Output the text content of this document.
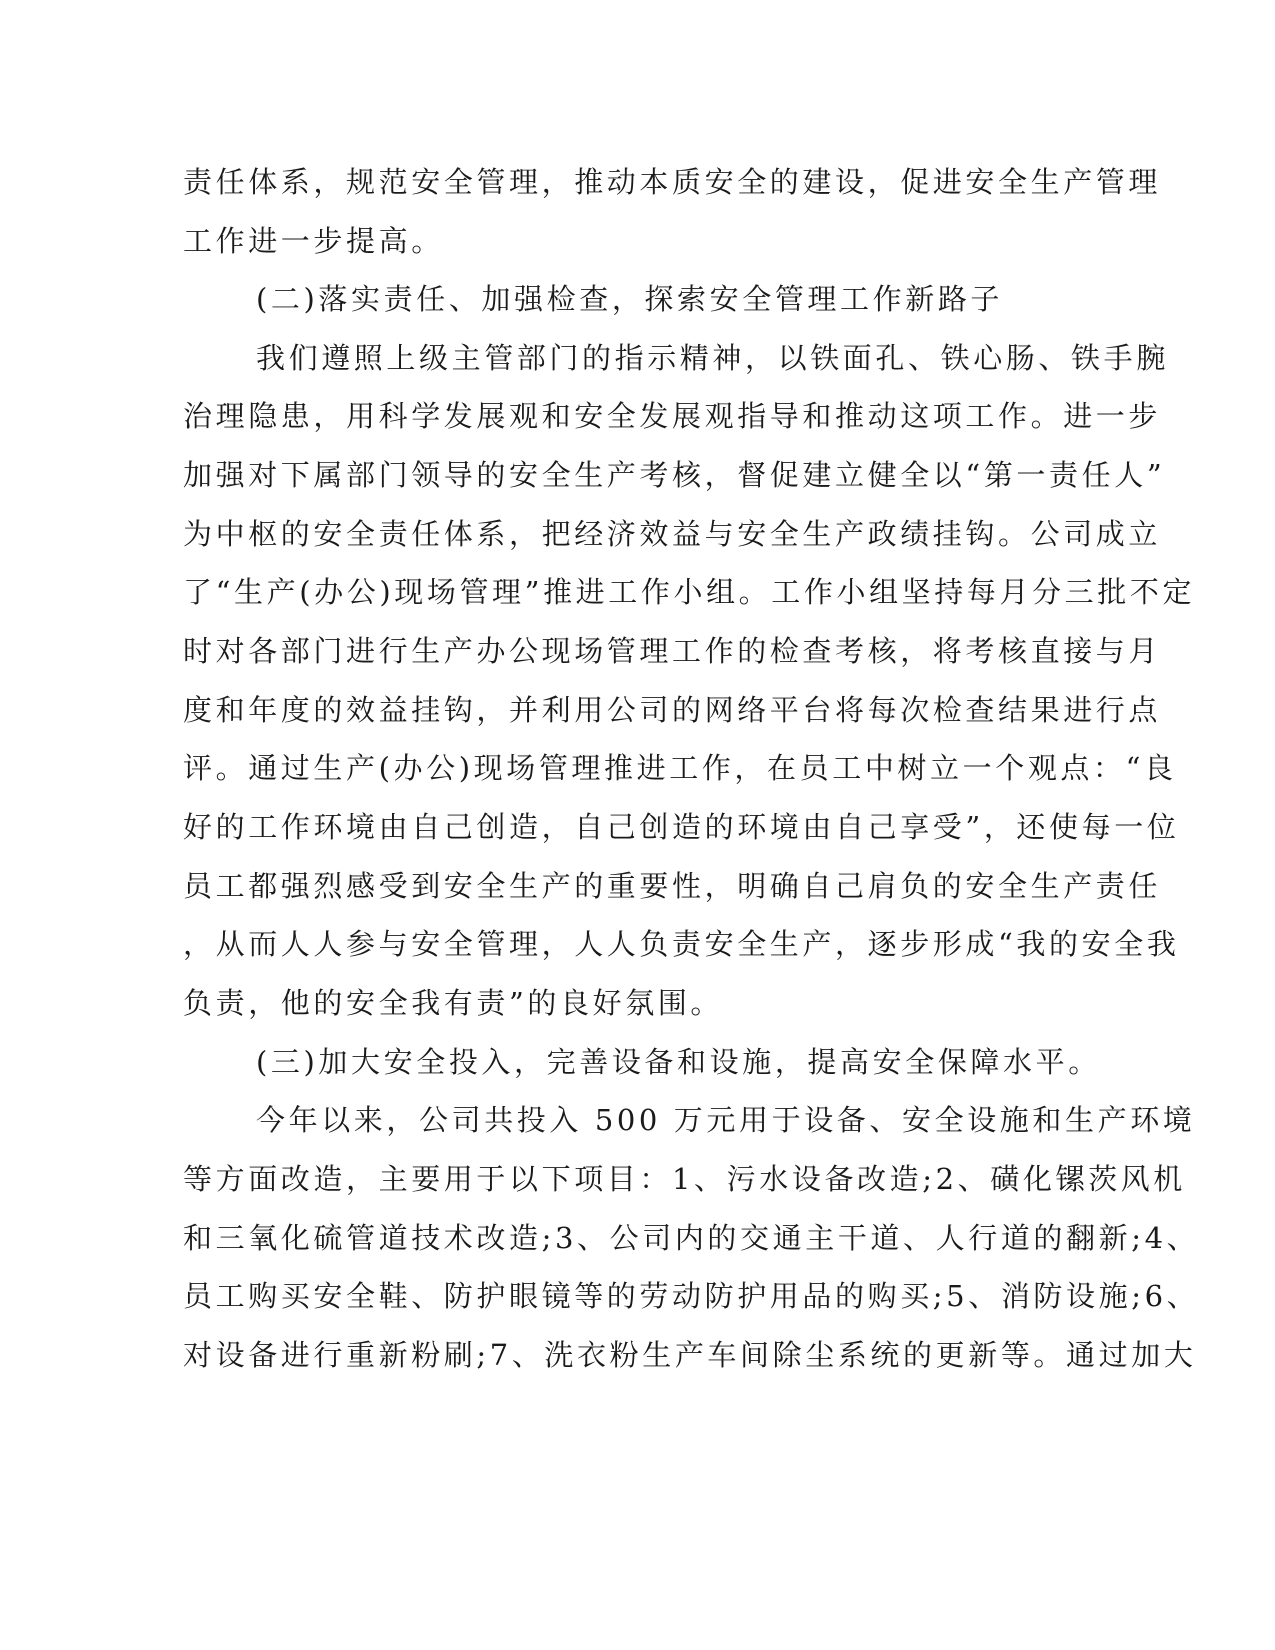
责任体系，规范安全管理，推动本质安全的建设，促进安全生产管理
工作进一步提高。
(二)落实责任、加强检查，探索安全管理工作新路子
我们遵照上级主管部门的指示精神，以铁面孔、铁心肠、铁手腕
治理隐患，用科学发展观和安全发展观指导和推动这项工作。进一步
加强对下属部门领导的安全生产考核，督促建立健全以“第一责任人”
为中枢的安全责任体系，把经济效益与安全生产政绩挂钩。公司成立
了“生产(办公)现场管理”推进工作小组。工作小组坚持每月分三批不定
时对各部门进行生产办公现场管理工作的检查考核，将考核直接与月
度和年度的效益挂钩，并利用公司的网络平台将每次检查结果进行点
评。通过生产(办公)现场管理推进工作，在员工中树立一个观点：“良
好的工作环境由自己创造，自己创造的环境由自己享受”，还使每一位
员工都强烈感受到安全生产的重要性，明确自己肩负的安全生产责任
，从而人人参与安全管理，人人负责安全生产，逐步形成“我的安全我
负责，他的安全我有责”的良好氛围。
(三)加大安全投入，完善设备和设施，提高安全保障水平。
今年以来，公司共投入 500 万元用于设备、安全设施和生产环境
等方面改造，主要用于以下项目：1、污水设备改造;2、磺化镙茨风机
和三氧化硫管道技术改造;3、公司内的交通主干道、人行道的翻新;4、
员工购买安全鞋、防护眼镜等的劳动防护用品的购买;5、消防设施;6、
对设备进行重新粉刷;7、洗衣粉生产车间除尘系统的更新等。通过加大
